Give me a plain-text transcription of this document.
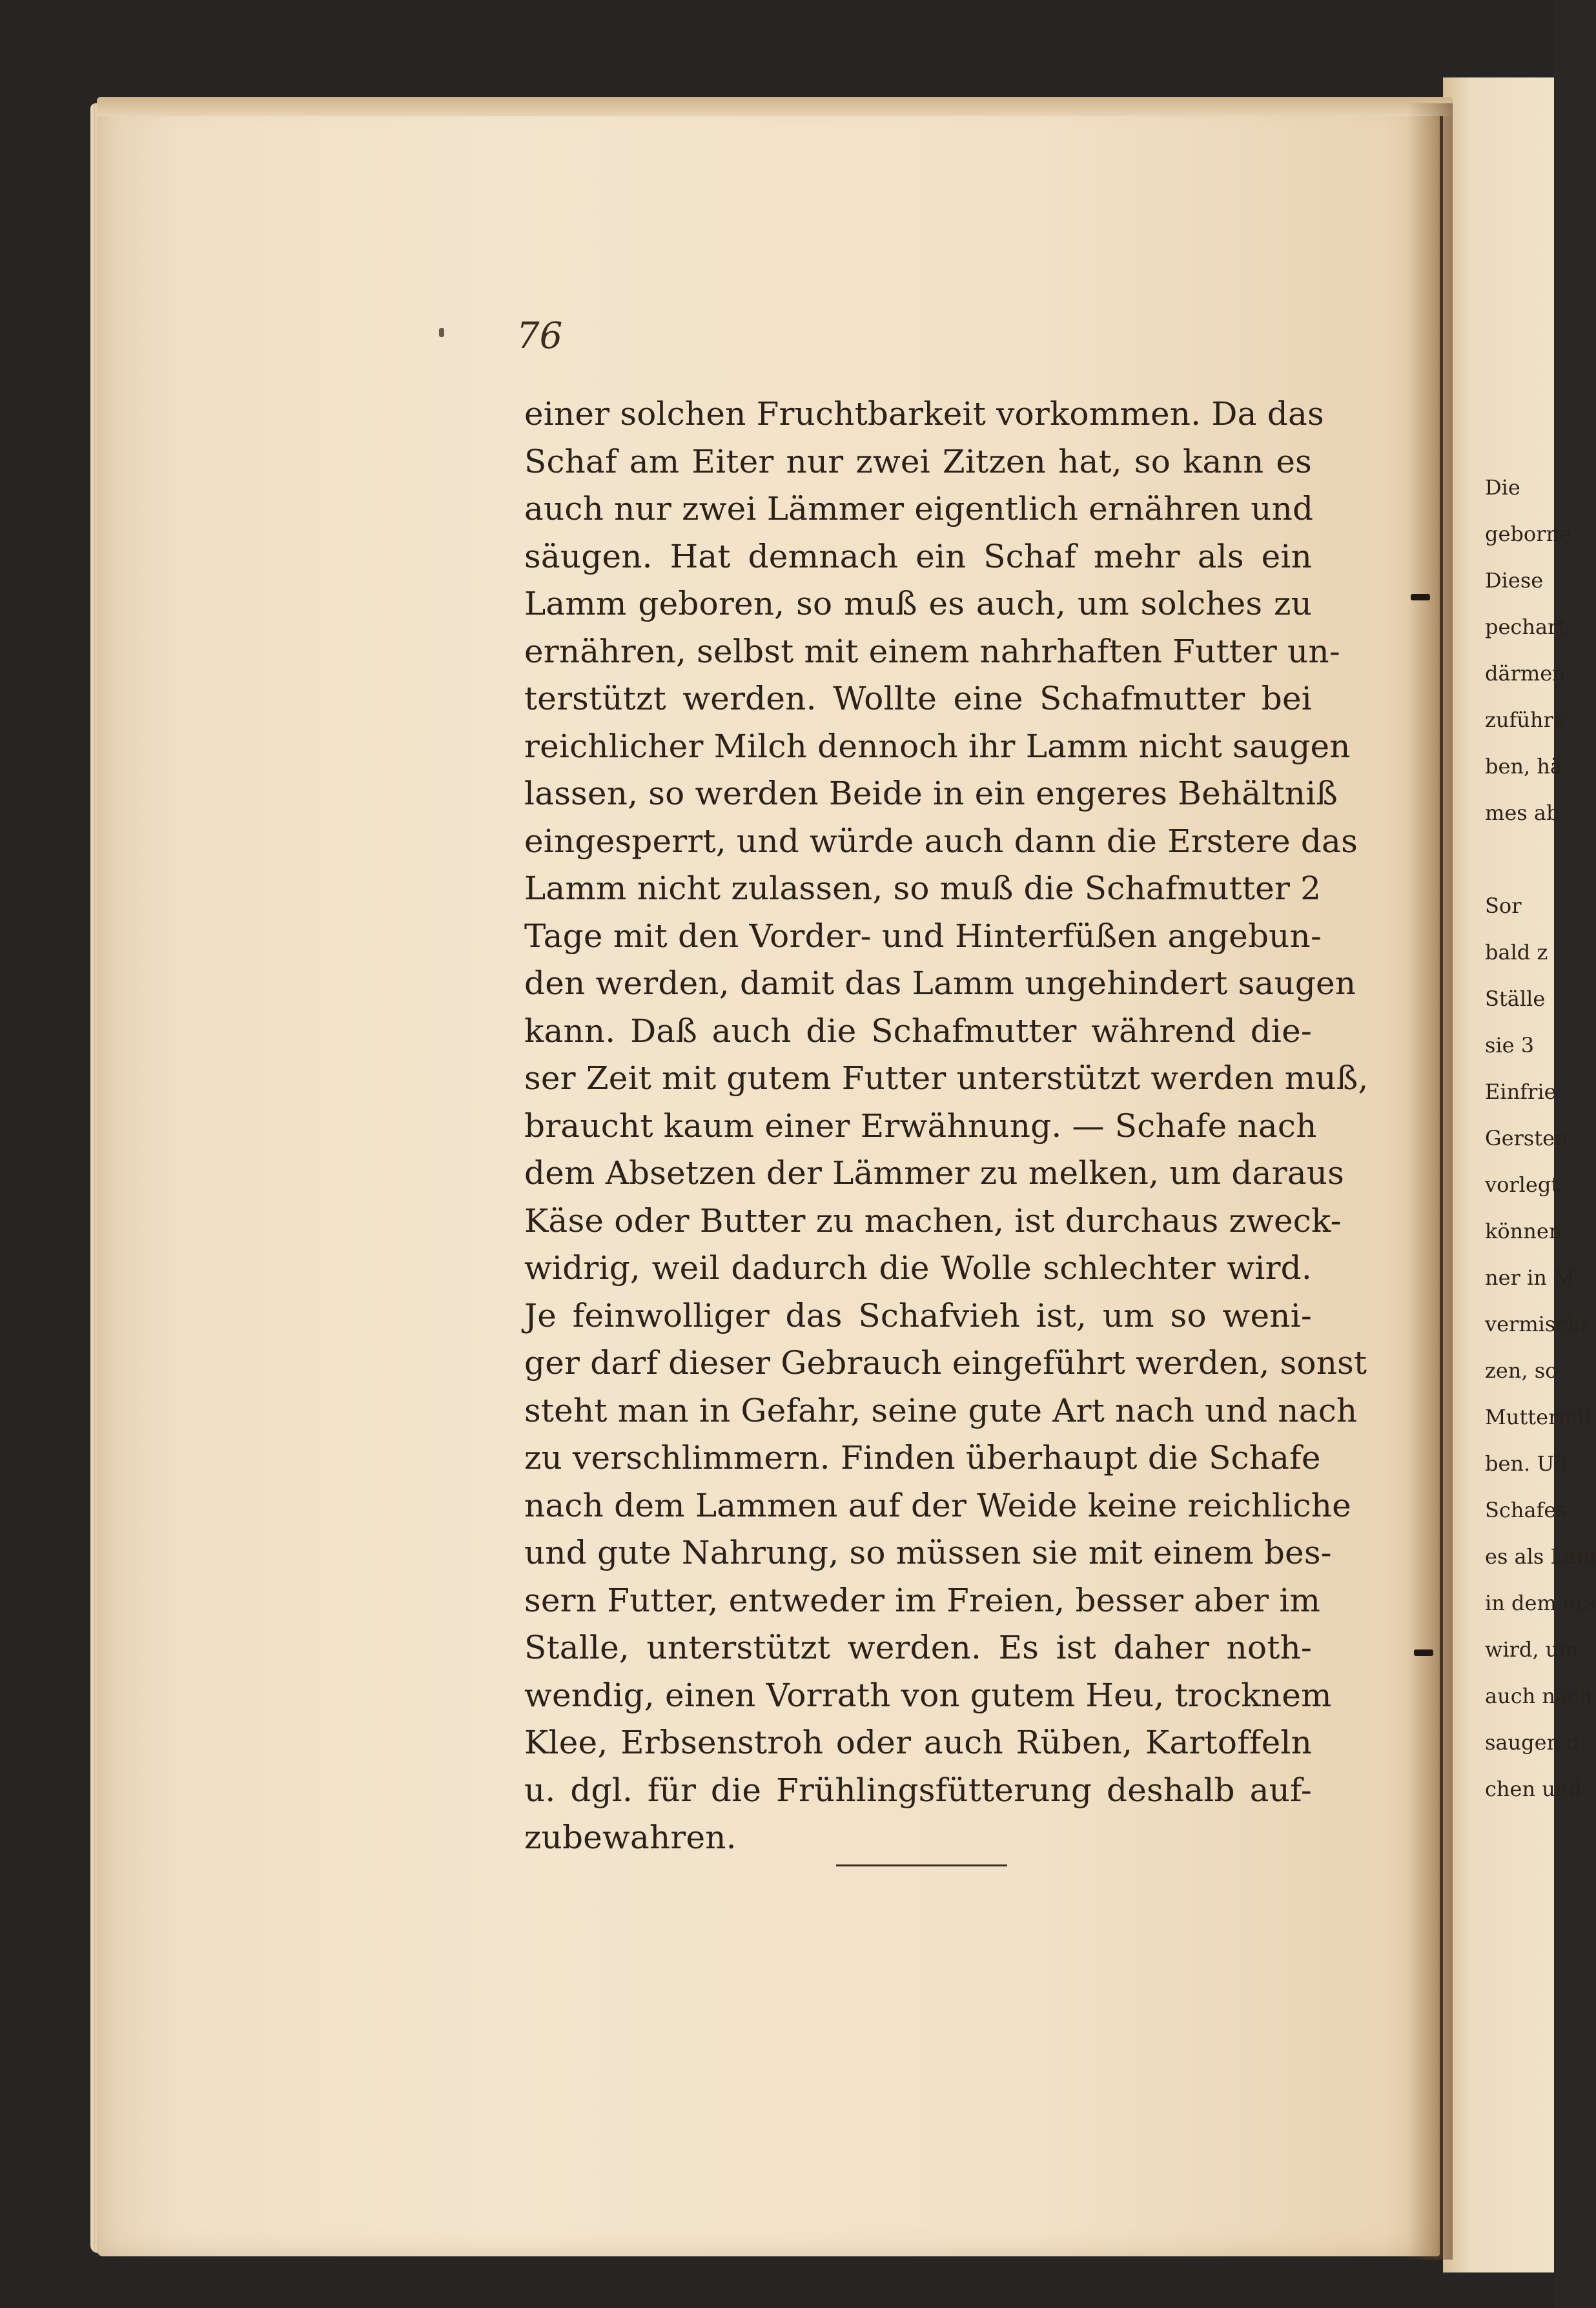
76

einer solchen Fruchtbarkeit vorkommen. Da das
Schaf am Eiter nur zwei Zitzen hat, so kann es
auch nur zwei Lämmer eigentlich ernähren und
säugen. Hat demnach ein Schaf mehr als ein
Lamm geboren, so muß es auch, um solches zu
ernähren, selbst mit einem nahrhaften Futter un-
terstützt werden. Wollte eine Schafmutter bei
reichlicher Milch dennoch ihr Lamm nicht saugen
lassen, so werden Beide in ein engeres Behältniß
eingesperrt, und würde auch dann die Erstere das
Lamm nicht zulassen, so muß die Schafmutter 2
Tage mit den Vorder- und Hinterfüßen angebun-
den werden, damit das Lamm ungehindert saugen
kann. Daß auch die Schafmutter während die-
ser Zeit mit gutem Futter unterstützt werden muß,
braucht kaum einer Erwähnung. — Schafe nach
dem Absetzen der Lämmer zu melken, um daraus
Käse oder Butter zu machen, ist durchaus zweck-
widrig, weil dadurch die Wolle schlechter wird.
Je feinwolliger das Schafvieh ist, um so weni-
ger darf dieser Gebrauch eingeführt werden, sonst
steht man in Gefahr, seine gute Art nach und nach
zu verschlimmern. Finden überhaupt die Schafe
nach dem Lammen auf der Weide keine reichliche
und gute Nahrung, so müssen sie mit einem bes-
sern Futter, entweder im Freien, besser aber im
Stalle, unterstützt werden. Es ist daher noth-
wendig, einen Vorrath von gutem Heu, trocknem
Klee, Erbsenstroh oder auch Rüben, Kartoffeln
u. dgl. für die Frühlingsfütterung deshalb auf-
zubewahren.
Die
geborne
Diese
pechart
därmen
zuführe
ben, hä
mes ab.
Sor
bald z
Ställe
sie 3
Einfrie
Gersten
vorlegt,
können.
ner in M
vermischt
zen, so
Muttermil
ben. Ue
Schafes
es als Lam
in dem ers
wird, um
auch nach
saugen d
chen und
